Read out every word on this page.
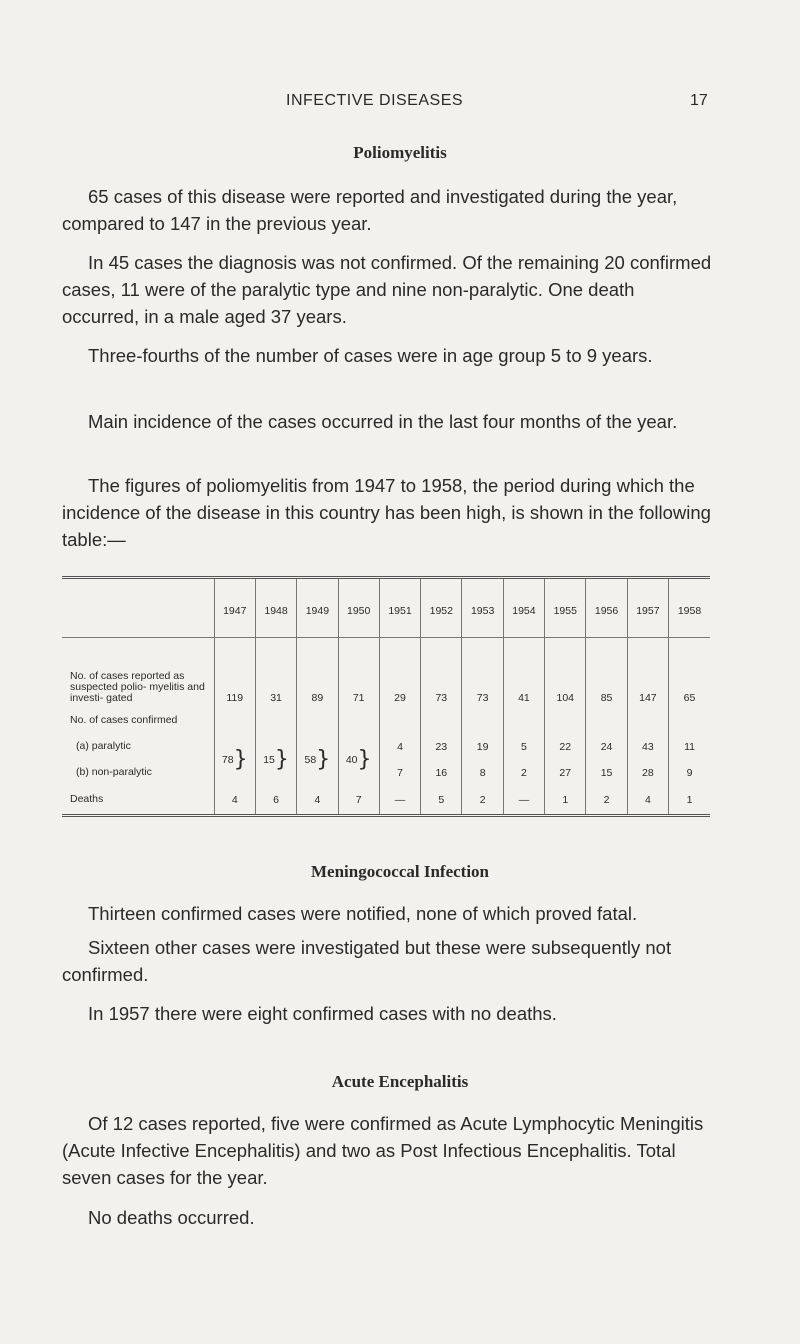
INFECTIVE DISEASES	17
Poliomyelitis

65 cases of this disease were reported and investigated during the year, compared to 147 in the previous year.

In 45 cases the diagnosis was not confirmed. Of the remaining 20 confirmed cases, 11 were of the paralytic type and nine non-paralytic. One death occurred, in a male aged 37 years.

Three-fourths of the number of cases were in age group 5 to 9 years.

Main incidence of the cases occurred in the last four months of the year.

The figures of poliomyelitis from 1947 to 1958, the period during which the incidence of the disease in this country has been high, is shown in the following table:—

	1947	1948	1949	1950	1951	1952	1953	1954	1955	1956	1957	1958
No. of cases reported as suspected polio- myelitis and investi- gated	119	31	89	71	29	73	73	41	104	85	147	65
No. of cases confirmed												
(a) paralytic	78}	15}	58}	40}	4	23	19	5	22	24	43	11
(b) non-paralytic					7	16	8	2	27	15	28	9
Deaths	4	6	4	7	—	5	2	—	1	2	4	1
Meningococcal Infection

Thirteen confirmed cases were notified, none of which proved fatal.

Sixteen other cases were investigated but these were subsequently not confirmed.

In 1957 there were eight confirmed cases with no deaths.

Acute Encephalitis

Of 12 cases reported, five were confirmed as Acute Lymphocytic Meningitis (Acute Infective Encephalitis) and two as Post Infectious Encephalitis. Total seven cases for the year.

No deaths occurred.
